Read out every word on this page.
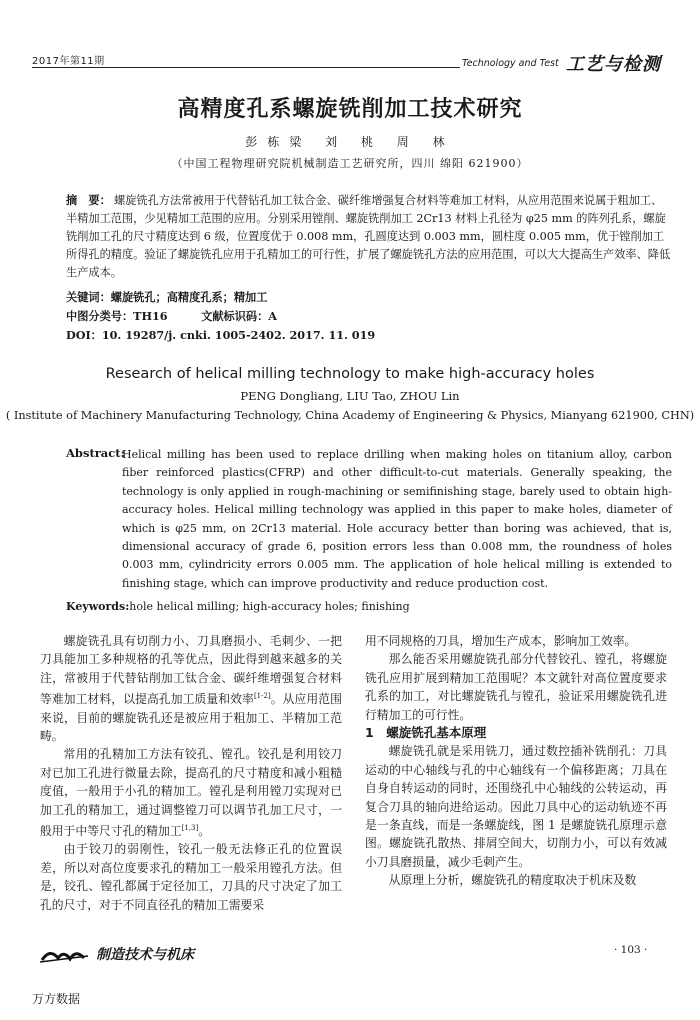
2017年第11期	Technology and Test 工艺与检测
高精度孔系螺旋铣削加工技术研究
彭栋梁 刘 桃 周 林
（中国工程物理研究院机械制造工艺研究所，四川 绵阳 621900）
摘　要： 螺旋铣孔方法常被用于代替钻孔加工钛合金、碳纤维增强复合材料等难加工材料，从应用范围来说属于粗加工、半精加工范围，少见精加工范围的应用。分别采用镗削、螺旋铣削加工 2Cr13 材料上孔径为 φ25 mm 的阵列孔系，螺旋铣削加工孔的尺寸精度达到 6 级，位置度优于 0.008 mm，孔圆度达到 0.003 mm，圆柱度 0.005 mm，优于镗削加工所得孔的精度。验证了螺旋铣孔应用于孔精加工的可行性，扩展了螺旋铣孔方法的应用范围，可以大大提高生产效率、降低生产成本。
关键词：螺旋铣孔；高精度孔系；精加工
中图分类号：TH16　　　文献标识码：A
DOI：10. 19287/j. cnki. 1005-2402. 2017. 11. 019
Research of helical milling technology to make high-accuracy holes
PENG Dongliang, LIU Tao, ZHOU Lin
( Institute of Machinery Manufacturing Technology, China Academy of Engineering & Physics, Mianyang 621900, CHN)
Abstract:
Helical milling has been used to replace drilling when making holes on titanium alloy, carbon fiber reinforced plastics(CFRP) and other difficult-to-cut materials. Generally speaking, the technology is only applied in rough-machining or semifinishing stage, barely used to obtain high-accuracy holes. Helical milling technology was applied in this paper to make holes, diameter of which is φ25 mm, on 2Cr13 material. Hole accuracy better than boring was achieved, that is, dimensional accuracy of grade 6, position errors less than 0.008 mm, the roundness of holes 0.003 mm, cylindricity errors 0.005 mm. The application of hole helical milling is extended to finishing stage, which can improve productivity and reduce production cost.
Keywords:hole helical milling; high-accuracy holes; finishing

螺旋铣孔具有切削力小、刀具磨损小、毛刺少、一把刀具能加工多种规格的孔等优点，因此得到越来越多的关注，常被用于代替钻削加工钛合金、碳纤维增强复合材料等难加工材料，以提高孔加工质量和效率[1-2]。从应用范围来说，目前的螺旋铣孔还是被应用于粗加工、半精加工范畴。

常用的孔精加工方法有铰孔、镗孔。铰孔是利用铰刀对已加工孔进行微量去除，提高孔的尺寸精度和减小粗糙度值，一般用于小孔的精加工。镗孔是利用镗刀实现对已加工孔的精加工，通过调整镗刀可以调节孔加工尺寸，一般用于中等尺寸孔的精加工[1,3]。

由于铰刀的弱刚性，铰孔一般无法修正孔的位置误差，所以对高位度要求孔的精加工一般采用镗孔方法。但是，铰孔、镗孔都属于定径加工，刀具的尺寸决定了加工孔的尺寸，对于不同直径孔的精加工需要采

用不同规格的刀具，增加生产成本，影响加工效率。

那么能否采用螺旋铣孔部分代替铰孔、镗孔，将螺旋铣孔应用扩展到精加工范围呢？本文就针对高位置度要求孔系的加工，对比螺旋铣孔与镗孔，验证采用螺旋铣孔进行精加工的可行性。

1　螺旋铣孔基本原理

螺旋铣孔就是采用铣刀，通过数控插补铣削孔：刀具运动的中心轴线与孔的中心轴线有一个偏移距离；刀具在自身自转运动的同时，还围绕孔中心轴线的公转运动，再复合刀具的轴向进给运动。因此刀具中心的运动轨迹不再是一条直线，而是一条螺旋线，图 1 是螺旋铣孔原理示意图。螺旋铣孔散热、排屑空间大，切削力小，可以有效减小刀具磨损量，减少毛刺产生。

从原理上分析，螺旋铣孔的精度取决于机床及数

制造技术与机床	· 103 ·
万方数据
